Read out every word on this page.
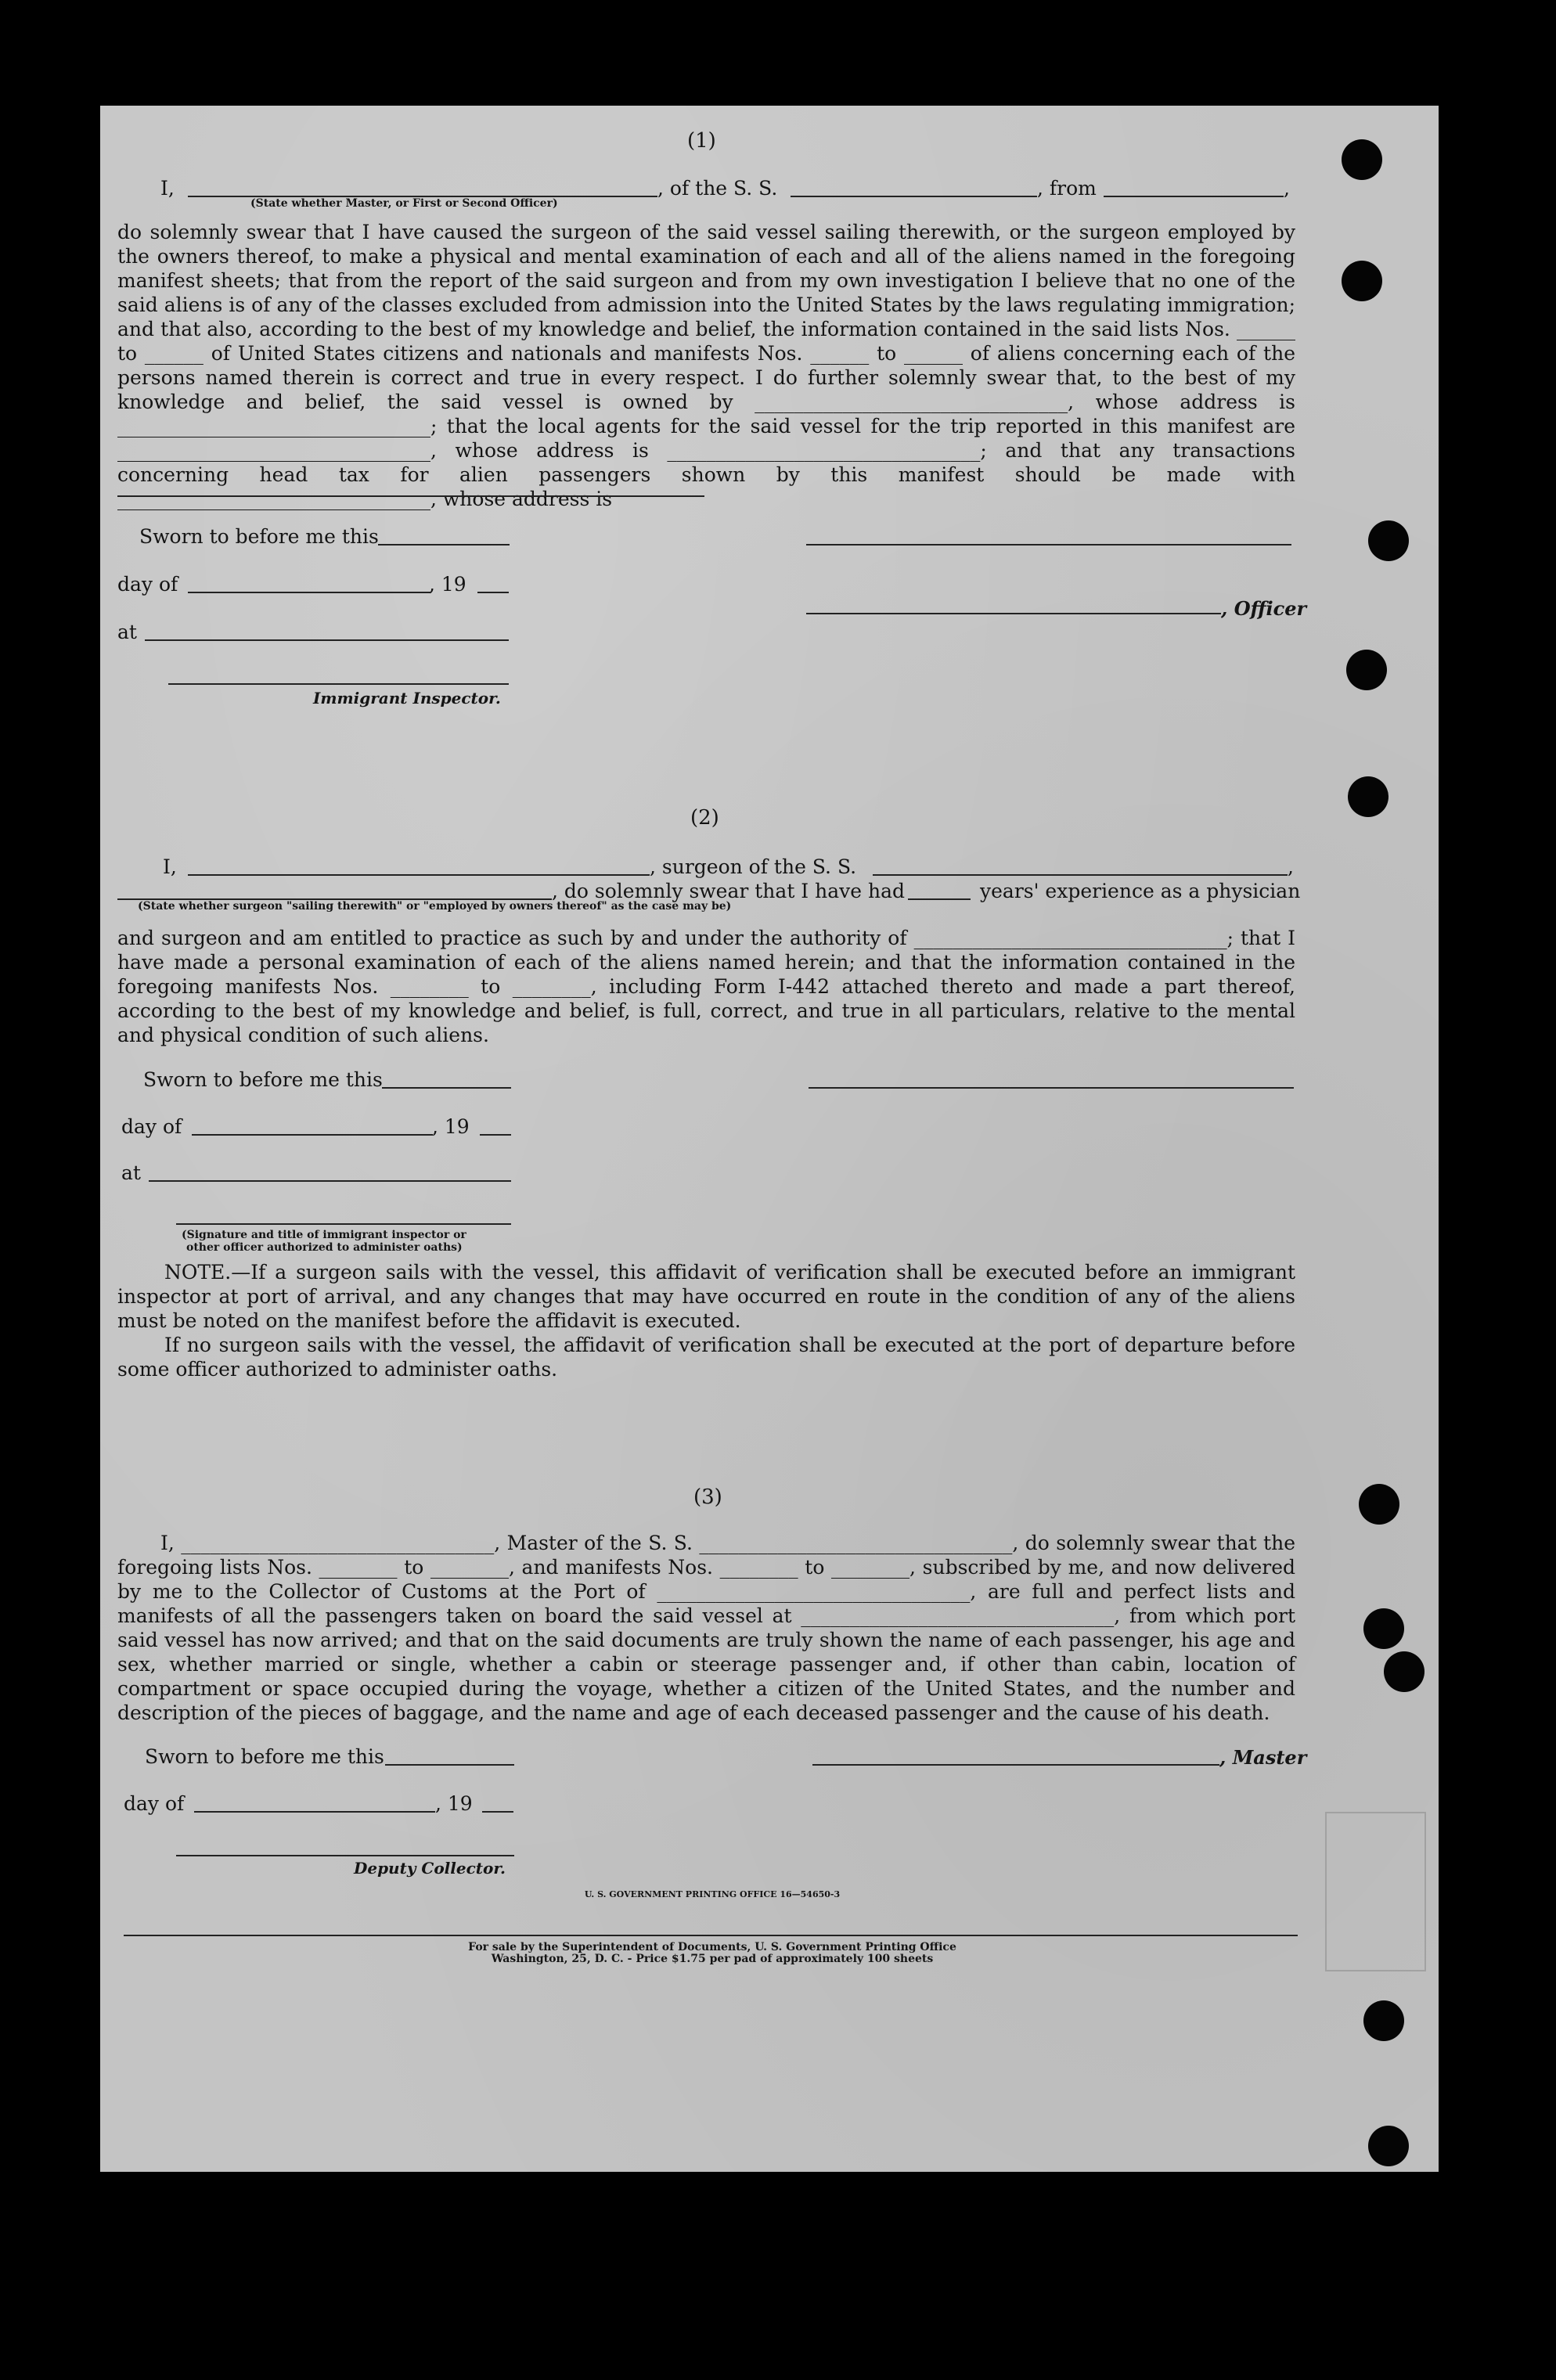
(1)
I,
(State whether Master, or First or Second Officer)
, of the S. S.	, from	,

do solemnly swear that I have caused the surgeon of the said vessel sailing therewith, or the surgeon employed by the owners thereof, to make a physical and mental examination of each and all of the aliens named in the foregoing manifest sheets; that from the report of the said surgeon and from my own investigation I believe that no one of the said aliens is of any of the classes excluded from admission into the United States by the laws regulating immigration; and that also, according to the best of my knowledge and belief, the information contained in the said lists Nos. ______ to ______ of United States citizens and nationals and manifests Nos. ______ to ______ of aliens concerning each of the persons named therein is correct and true in every respect. I do further solemnly swear that, to the best of my knowledge and belief, the said vessel is owned by ________________________________, whose address is ________________________________; that the local agents for the said vessel for the trip reported in this manifest are ________________________________, whose address is ________________________________; and that any transactions concerning head tax for alien passengers shown by this manifest should be made with ________________________________, whose address is

Sworn to before me this
day of	, 19
, Officer
at
Immigrant Inspector.
(2)
I,	, surgeon of the S. S.	,
, do solemnly swear that I have had	years' experience as a physician
(State whether surgeon "sailing therewith" or "employed by owners thereof" as the case may be)

and surgeon and am entitled to practice as such by and under the authority of ________________________________; that I have made a personal examination of each of the aliens named herein; and that the information contained in the foregoing manifests Nos. ________ to ________, including Form I-442 attached thereto and made a part thereof, according to the best of my knowledge and belief, is full, correct, and true in all particulars, relative to the mental and physical condition of such aliens.

Sworn to before me this
day of	, 19
at
(Signature and title of immigrant inspector or
other officer authorized to administer oaths)

NOTE.—If a surgeon sails with the vessel, this affidavit of verification shall be executed before an immigrant inspector at port of arrival, and any changes that may have occurred en route in the condition of any of the aliens must be noted on the manifest before the affidavit is executed.

If no surgeon sails with the vessel, the affidavit of verification shall be executed at the port of departure before some officer authorized to administer oaths.

(3)

I, ________________________________, Master of the S. S. ________________________________, do solemnly swear that the foregoing lists Nos. ________ to ________, and manifests Nos. ________ to ________, subscribed by me, and now delivered by me to the Collector of Customs at the Port of ________________________________, are full and perfect lists and manifests of all the passengers taken on board the said vessel at ________________________________, from which port said vessel has now arrived; and that on the said documents are truly shown the name of each passenger, his age and sex, whether married or single, whether a cabin or steerage passenger and, if other than cabin, location of compartment or space occupied during the voyage, whether a citizen of the United States, and the number and description of the pieces of baggage, and the name and age of each deceased passenger and the cause of his death.

Sworn to before me this	, Master
day of	, 19
Deputy Collector.
U. S. GOVERNMENT PRINTING OFFICE 16—54650-3
For sale by the Superintendent of Documents, U. S. Government Printing Office
Washington, 25, D. C. - Price $1.75 per pad of approximately 100 sheets
